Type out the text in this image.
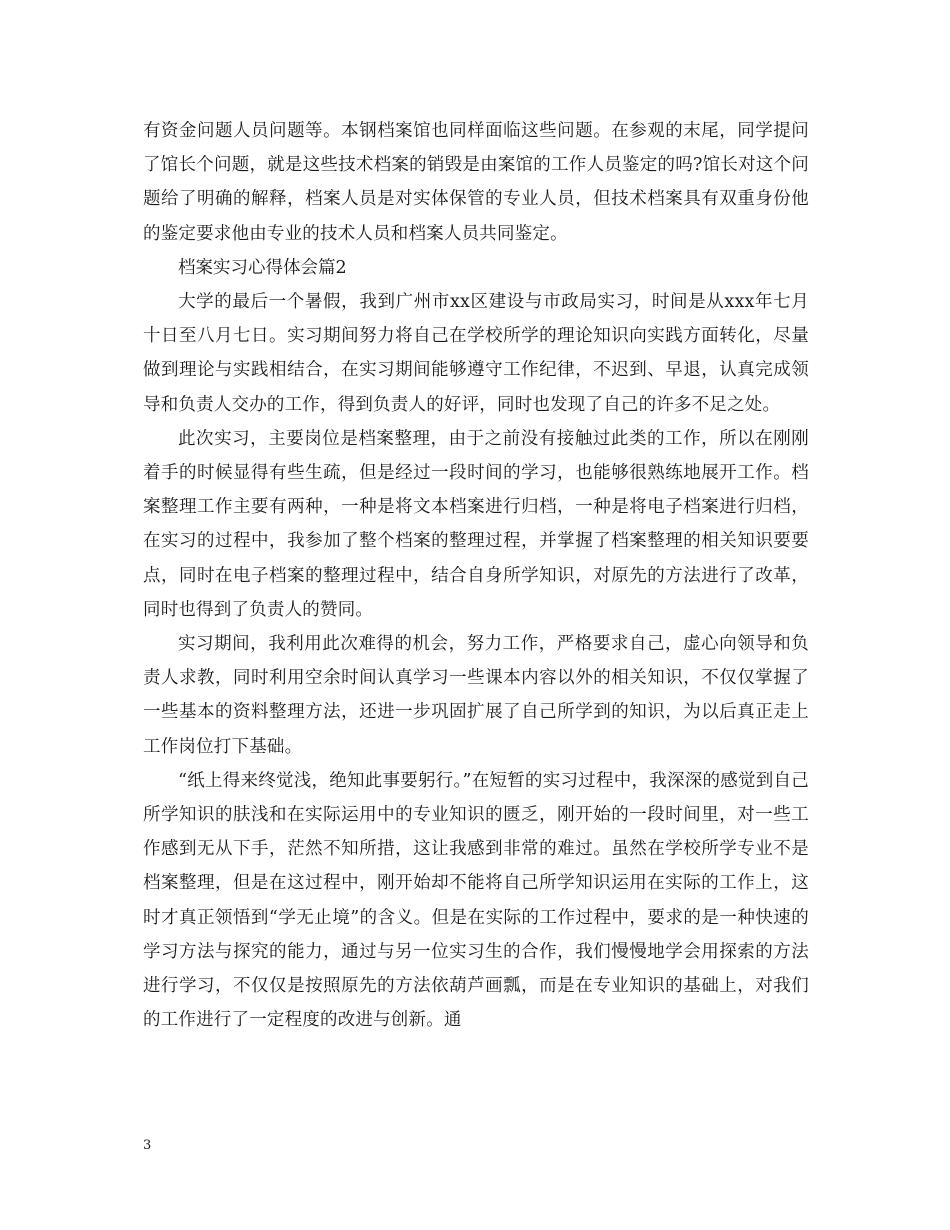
有资金问题人员问题等。本钢档案馆也同样面临这些问题。在参观的末尾，同学提问了馆长个问题，就是这些技术档案的销毁是由案馆的工作人员鉴定的吗?馆长对这个问题给了明确的解释，档案人员是对实体保管的专业人员，但技术档案具有双重身份他的鉴定要求他由专业的技术人员和档案人员共同鉴定。

档案实习心得体会篇2

大学的最后一个暑假，我到广州市xx区建设与市政局实习，时间是从xxx年七月十日至八月七日。实习期间努力将自己在学校所学的理论知识向实践方面转化，尽量做到理论与实践相结合，在实习期间能够遵守工作纪律，不迟到、早退，认真完成领导和负责人交办的工作，得到负责人的好评，同时也发现了自己的许多不足之处。

此次实习，主要岗位是档案整理，由于之前没有接触过此类的工作，所以在刚刚着手的时候显得有些生疏，但是经过一段时间的学习，也能够很熟练地展开工作。档案整理工作主要有两种，一种是将文本档案进行归档，一种是将电子档案进行归档，在实习的过程中，我参加了整个档案的整理过程，并掌握了档案整理的相关知识要要点，同时在电子档案的整理过程中，结合自身所学知识，对原先的方法进行了改革，同时也得到了负责人的赞同。

实习期间，我利用此次难得的机会，努力工作，严格要求自己，虚心向领导和负责人求教，同时利用空余时间认真学习一些课本内容以外的相关知识，不仅仅掌握了一些基本的资料整理方法，还进一步巩固扩展了自己所学到的知识，为以后真正走上工作岗位打下基础。

“纸上得来终觉浅，绝知此事要躬行。”在短暂的实习过程中，我深深的感觉到自己所学知识的肤浅和在实际运用中的专业知识的匮乏，刚开始的一段时间里，对一些工作感到无从下手，茫然不知所措，这让我感到非常的难过。虽然在学校所学专业不是档案整理，但是在这过程中，刚开始却不能将自己所学知识运用在实际的工作上，这时才真正领悟到“学无止境”的含义。但是在实际的工作过程中，要求的是一种快速的学习方法与探究的能力，通过与另一位实习生的合作，我们慢慢地学会用探索的方法进行学习，不仅仅是按照原先的方法依葫芦画瓢，而是在专业知识的基础上，对我们的工作进行了一定程度的改进与创新。通

3
